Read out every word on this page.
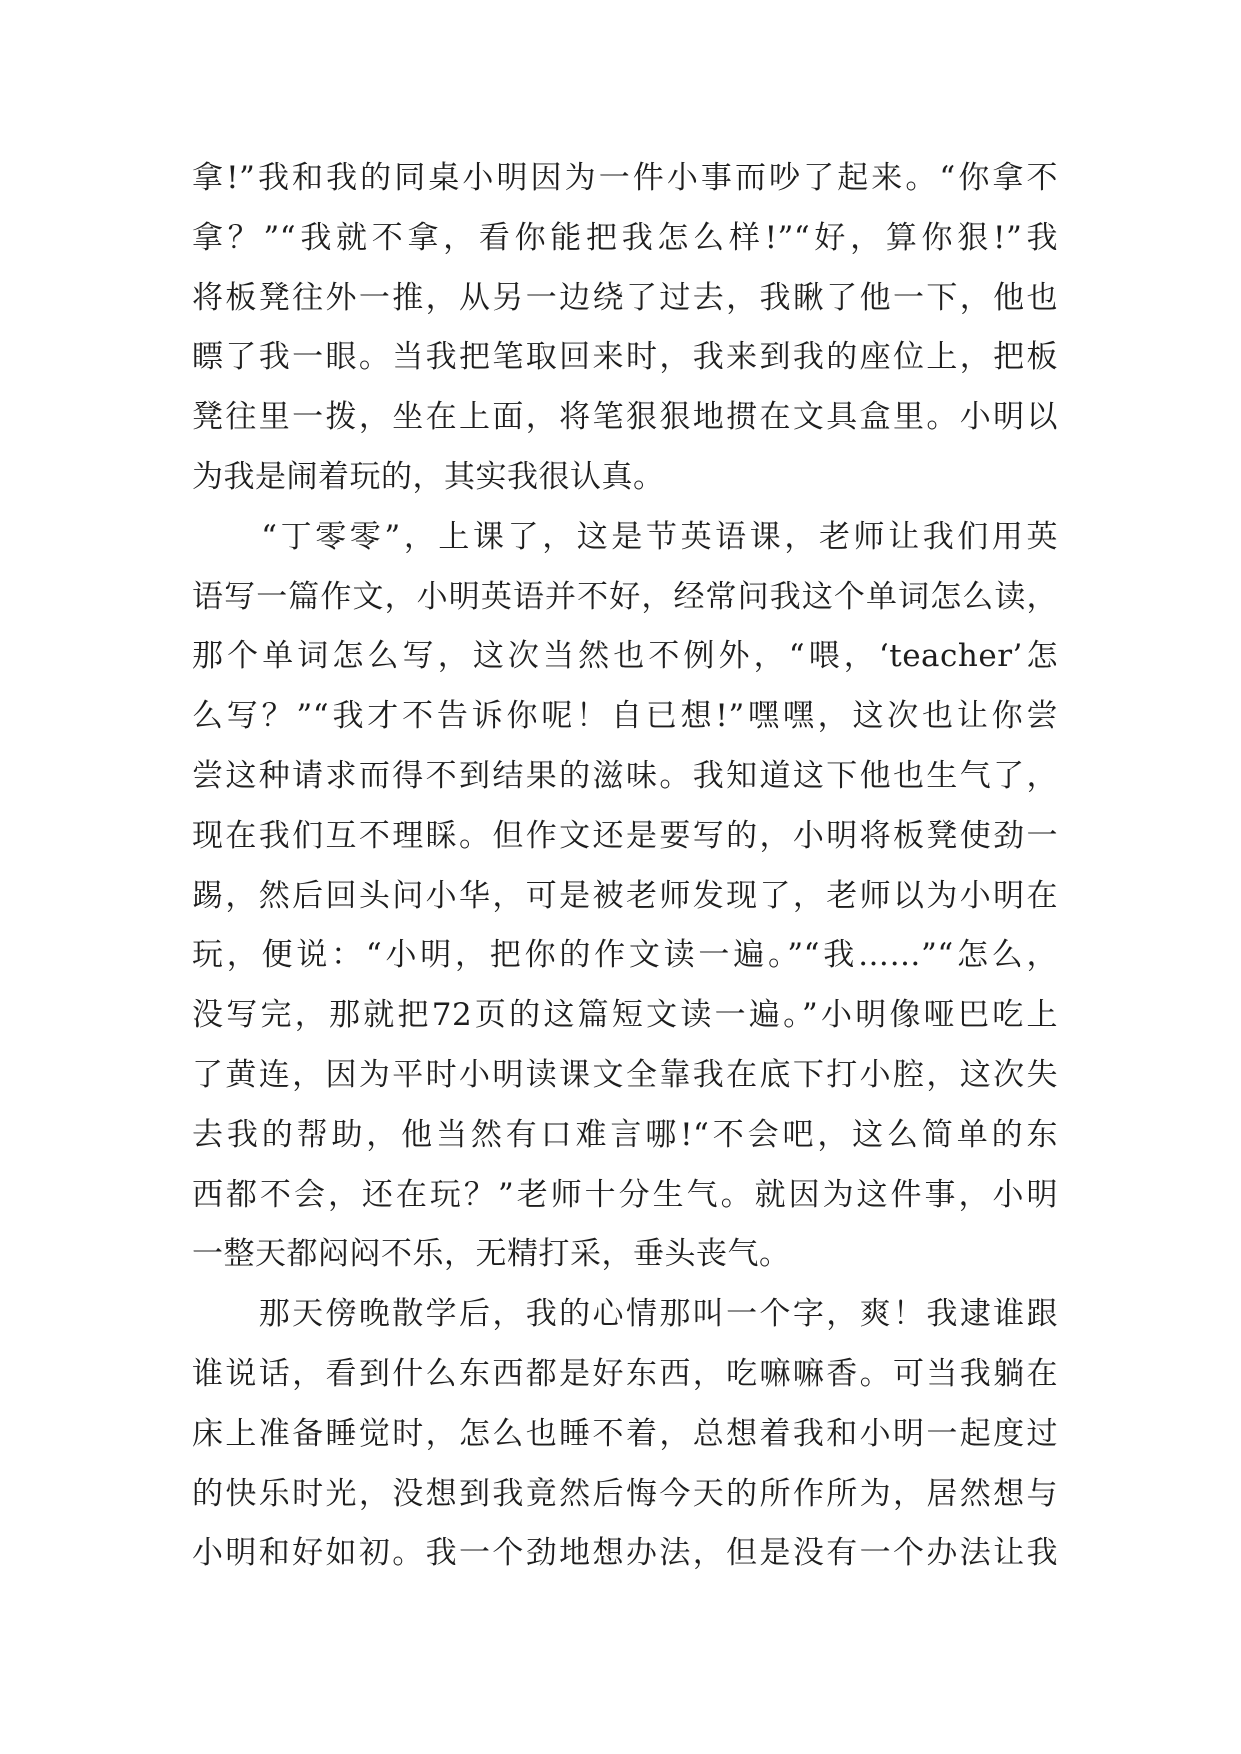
拿!”我和我的同桌小明因为一件小事而吵了起来。“你拿不
拿？”“我就不拿，看你能把我怎么样!”“好，算你狠!”我
将板凳往外一推，从另一边绕了过去，我瞅了他一下，他也
瞟了我一眼。当我把笔取回来时，我来到我的座位上，把板
凳往里一拨，坐在上面，将笔狠狠地掼在文具盒里。小明以
为我是闹着玩的，其实我很认真。
　　“丁零零”，上课了，这是节英语课，老师让我们用英
语写一篇作文，小明英语并不好，经常问我这个单词怎么读，
那个单词怎么写，这次当然也不例外，“喂，‘teacher’怎
么写？”“我才不告诉你呢！自已想!”嘿嘿，这次也让你尝
尝这种请求而得不到结果的滋味。我知道这下他也生气了，
现在我们互不理睬。但作文还是要写的，小明将板凳使劲一
踢，然后回头问小华，可是被老师发现了，老师以为小明在
玩，便说：“小明，把你的作文读一遍。”“我……”“怎么，
没写完，那就把72页的这篇短文读一遍。”小明像哑巴吃上
了黄连，因为平时小明读课文全靠我在底下打小腔，这次失
去我的帮助，他当然有口难言哪!“不会吧，这么简单的东
西都不会，还在玩？”老师十分生气。就因为这件事，小明
一整天都闷闷不乐，无精打采，垂头丧气。
　　那天傍晚散学后，我的心情那叫一个字，爽！我逮谁跟
谁说话，看到什么东西都是好东西，吃嘛嘛香。可当我躺在
床上准备睡觉时，怎么也睡不着，总想着我和小明一起度过
的快乐时光，没想到我竟然后悔今天的所作所为，居然想与
小明和好如初。我一个劲地想办法，但是没有一个办法让我
